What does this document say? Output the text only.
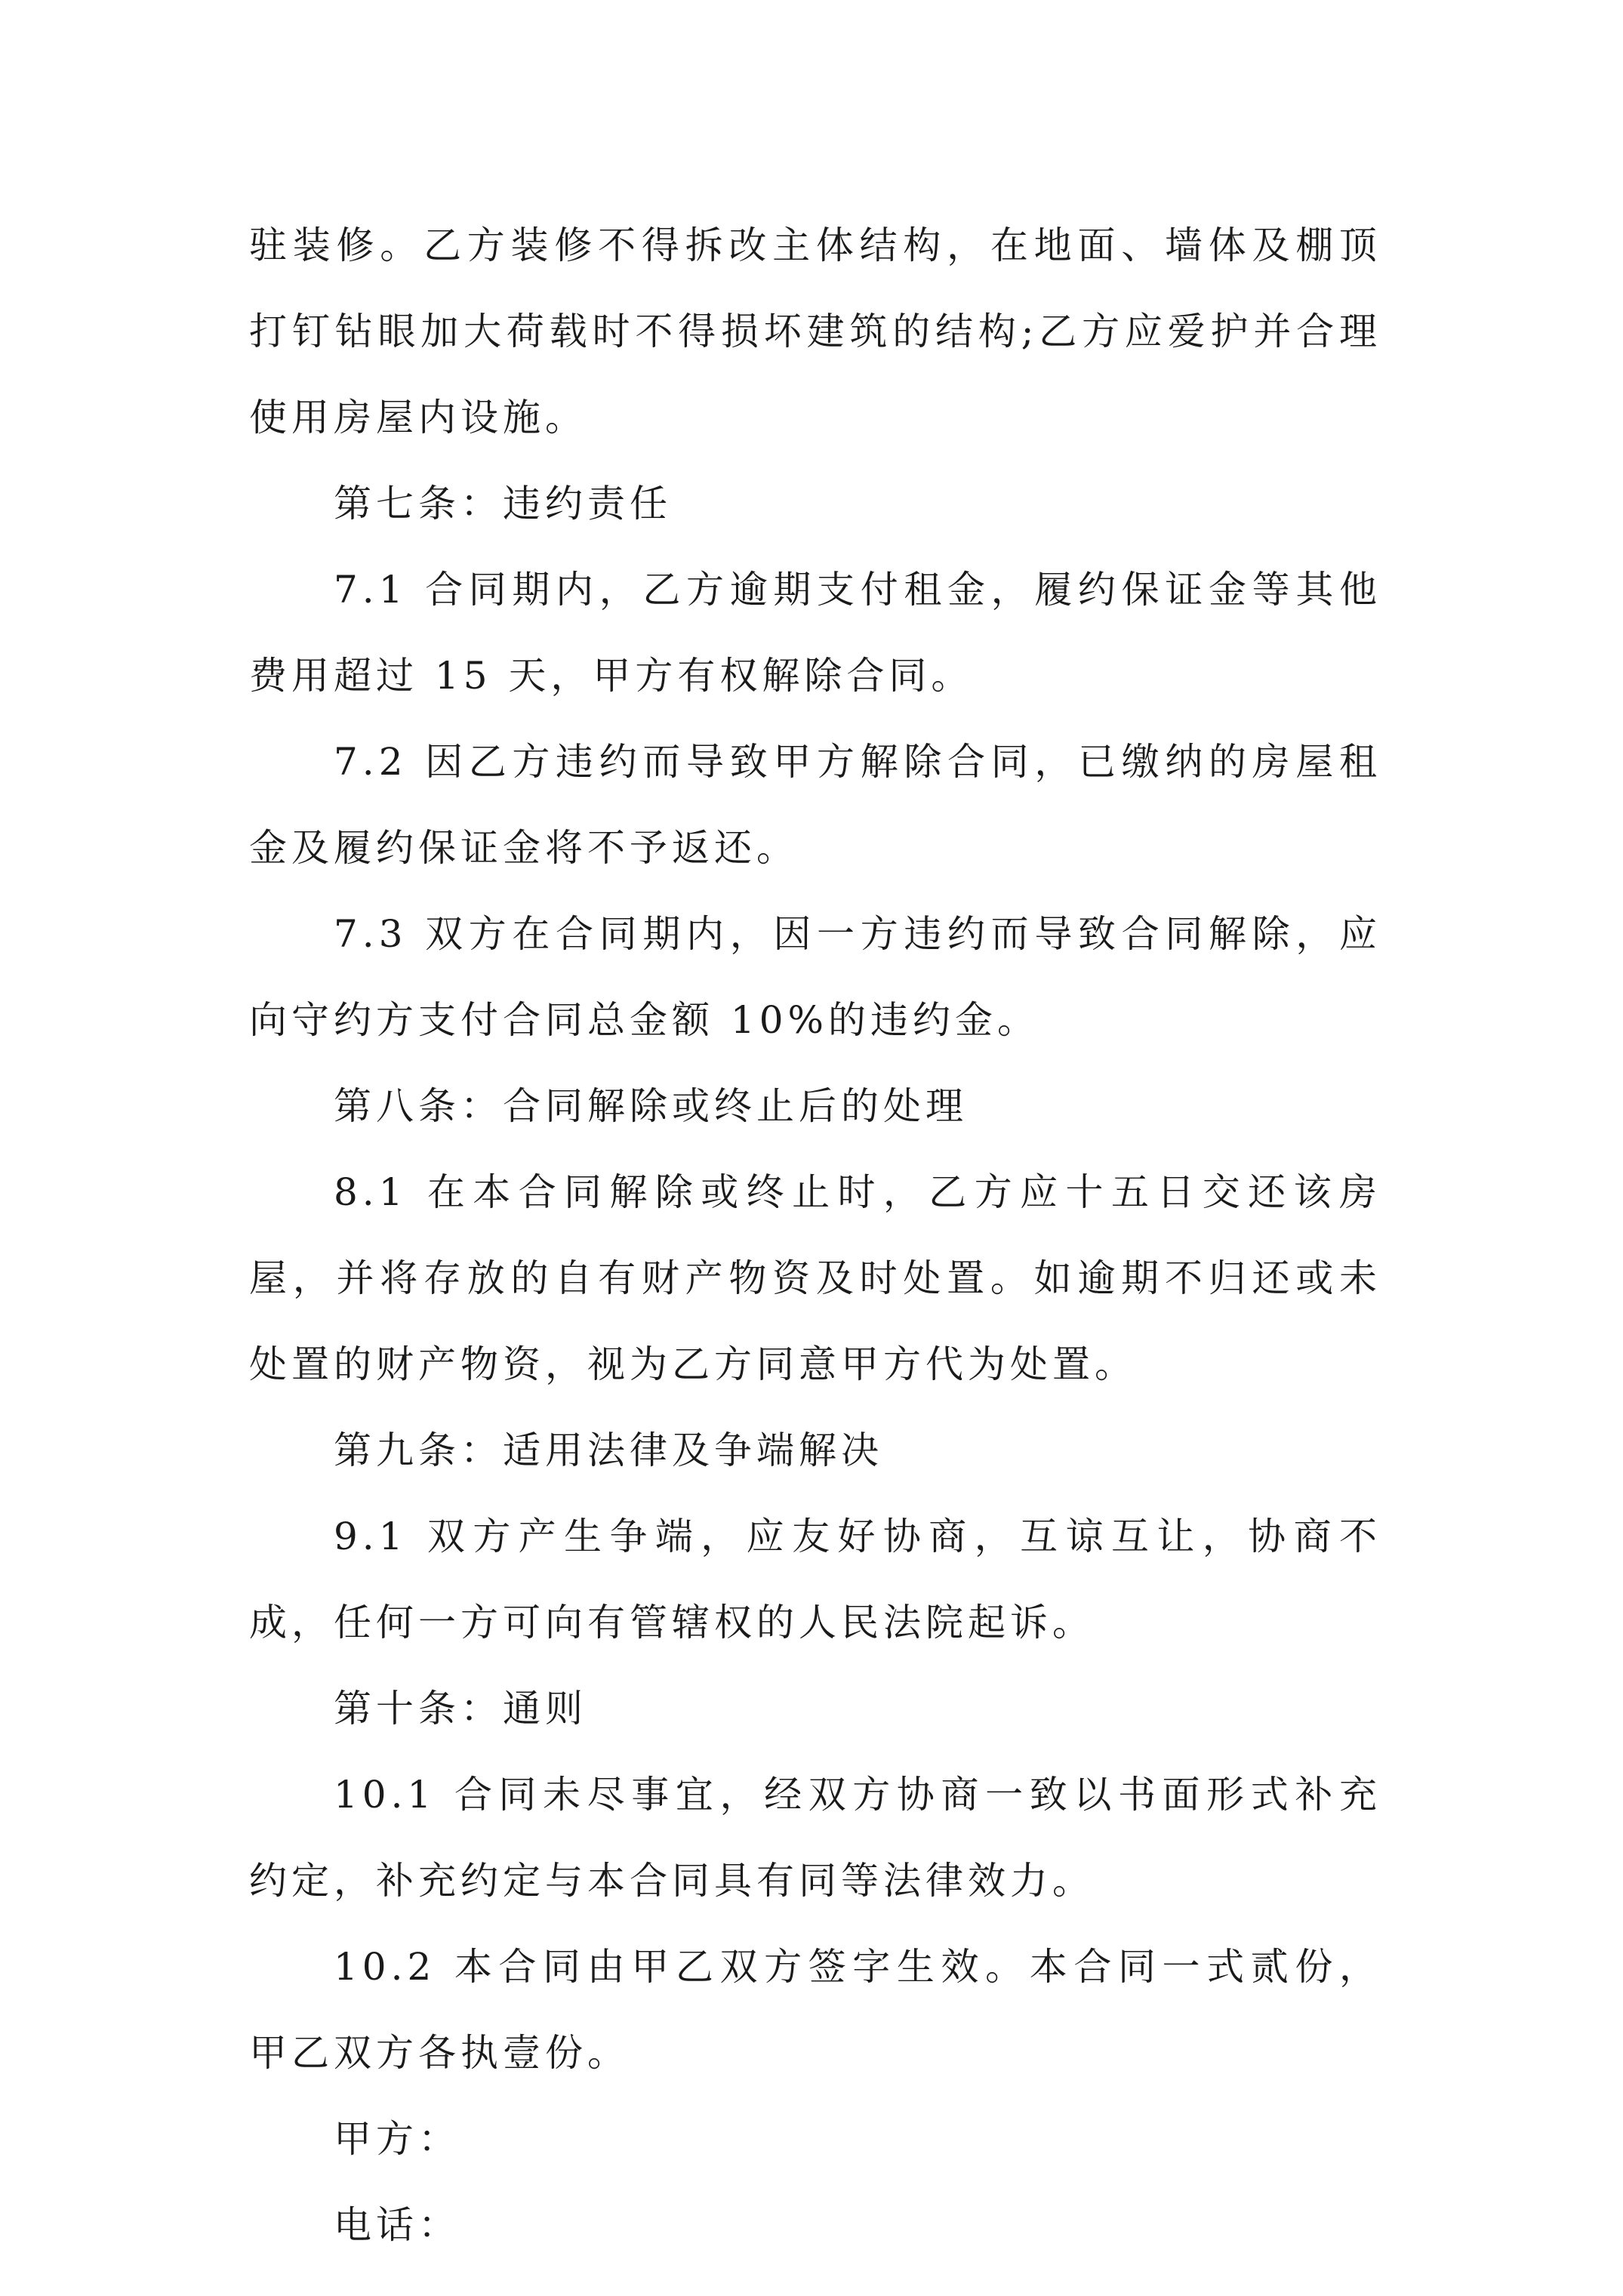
驻装修。乙方装修不得拆改主体结构，在地面、墙体及棚顶打钉钻眼加大荷载时不得损坏建筑的结构;乙方应爱护并合理使用房屋内设施。

第七条：违约责任

7.1 合同期内，乙方逾期支付租金，履约保证金等其他费用超过 15 天，甲方有权解除合同。

7.2 因乙方违约而导致甲方解除合同，已缴纳的房屋租金及履约保证金将不予返还。

7.3 双方在合同期内，因一方违约而导致合同解除，应向守约方支付合同总金额 10%的违约金。

第八条：合同解除或终止后的处理

8.1 在本合同解除或终止时，乙方应十五日交还该房屋，并将存放的自有财产物资及时处置。如逾期不归还或未处置的财产物资，视为乙方同意甲方代为处置。

第九条：适用法律及争端解决

9.1 双方产生争端，应友好协商，互谅互让，协商不成，任何一方可向有管辖权的人民法院起诉。

第十条：通则

10.1 合同未尽事宜，经双方协商一致以书面形式补充约定，补充约定与本合同具有同等法律效力。

10.2 本合同由甲乙双方签字生效。本合同一式贰份，甲乙双方各执壹份。

甲方：

电话：
